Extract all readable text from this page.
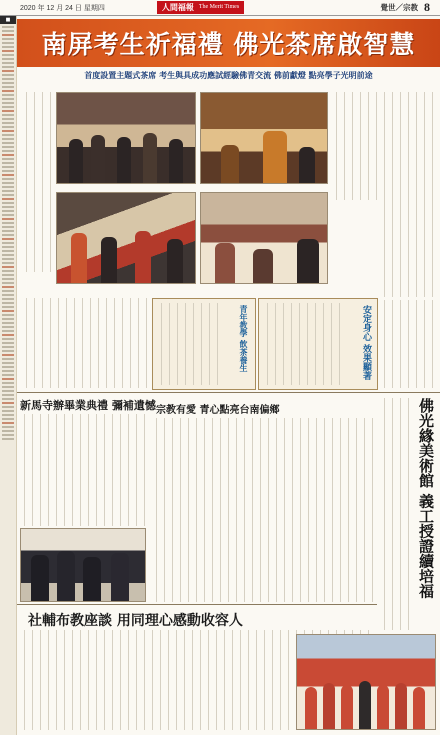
2020 年 12 月 24 日 星期四	人間福報 The Merit Times	覺世／宗教 8
■
南屏考生祈福禮 佛光茶席啟智慧
首度設置主題式茶席 考生與具成功應試經驗佛青交流 佛前獻燈 點亮學子光明前途
安定身心 效果顯著
青年教學 飲茶養生
新馬寺辦畢業典禮 彌補遺憾 宗教有愛 青心點亮台南偏鄉	佛光緣美術館 義工授證續培福
社輔布教座談 用同理心感動收容人
